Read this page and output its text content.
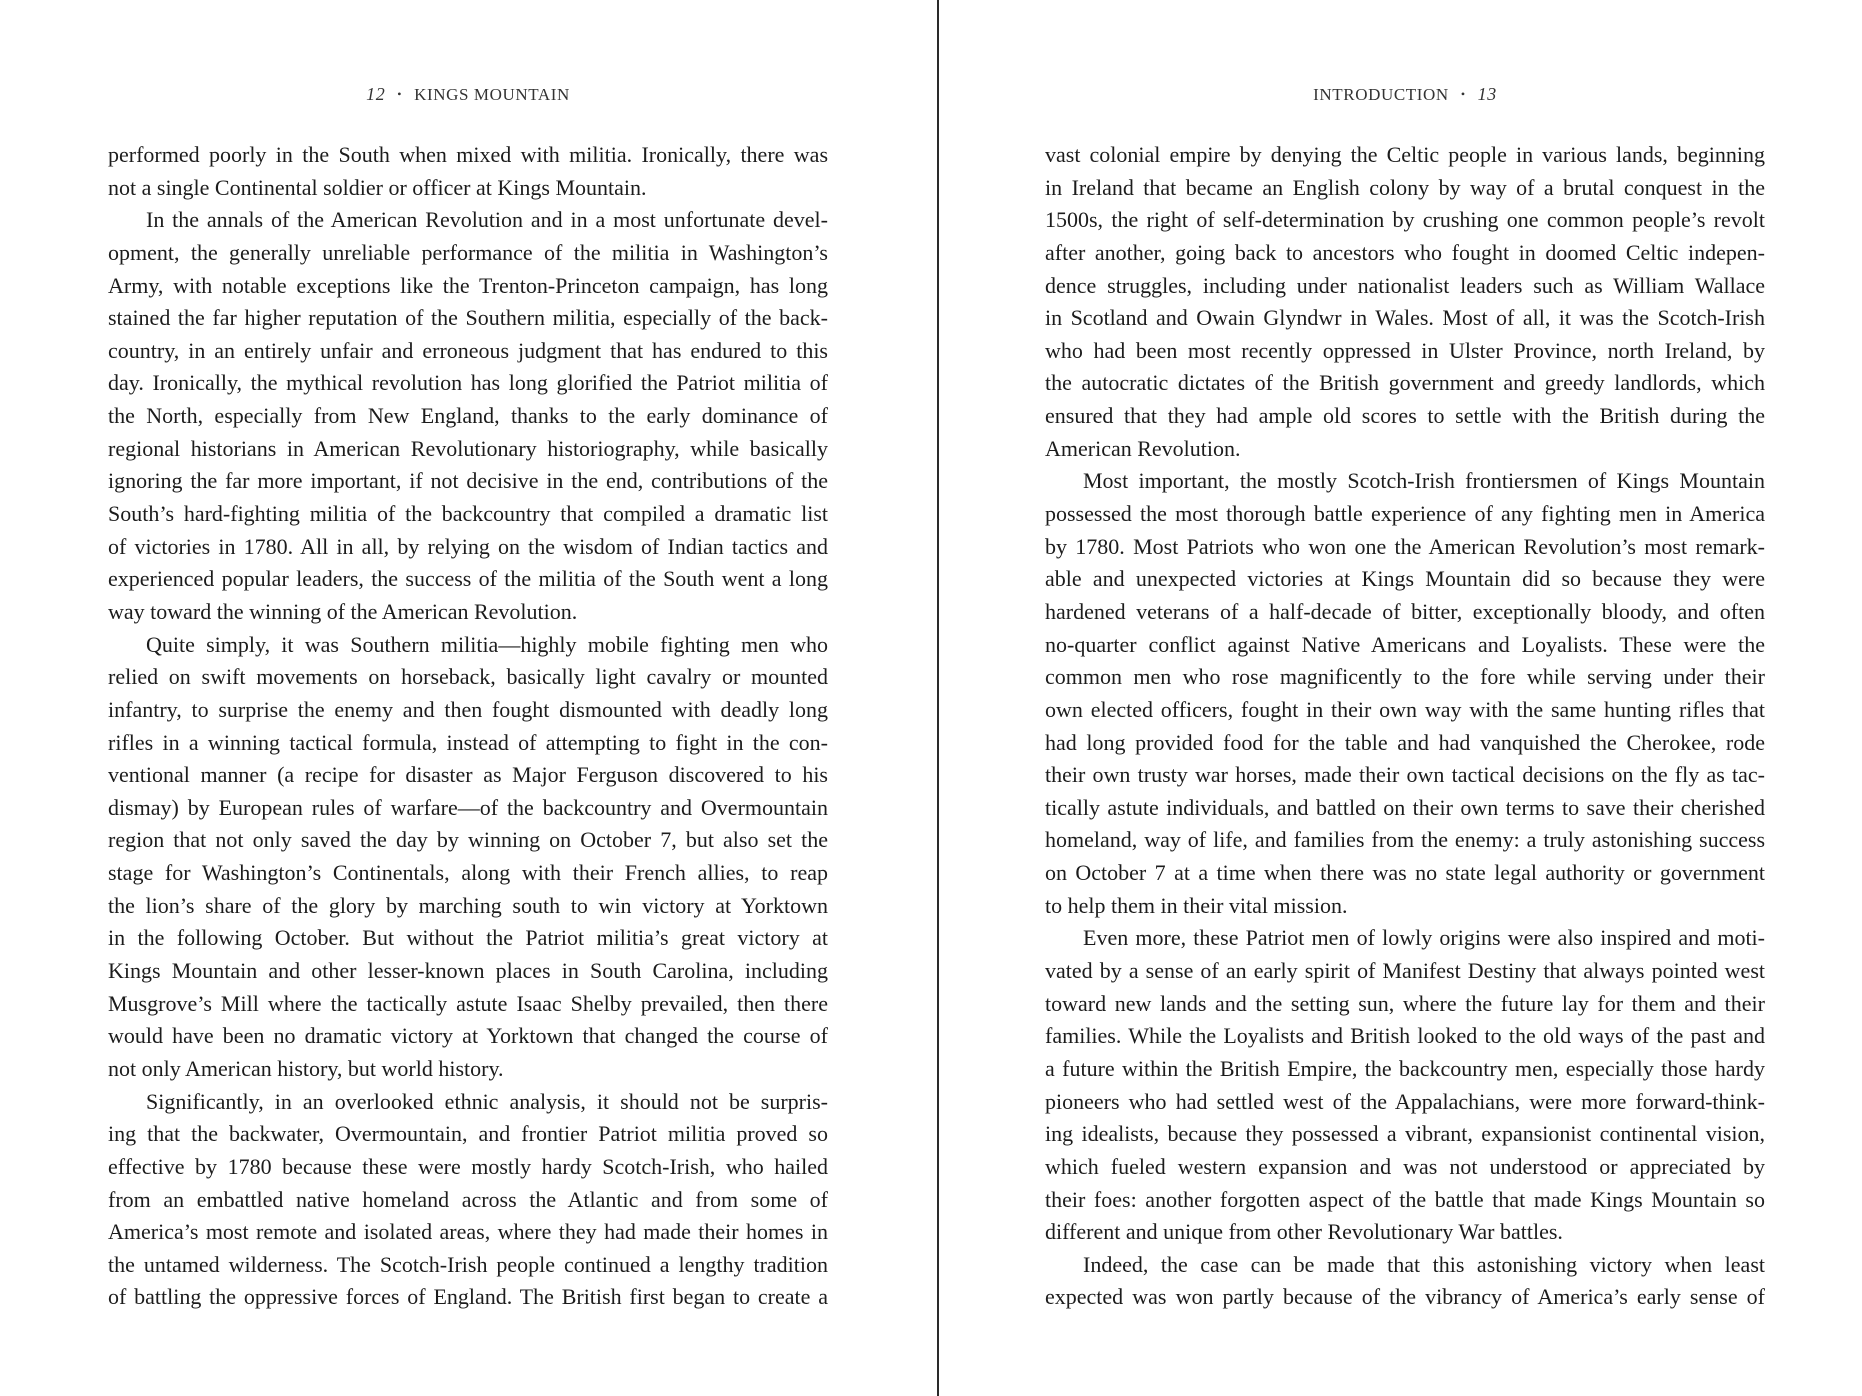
12 • KINGS MOUNTAIN
performed poorly in the South when mixed with militia. Ironically, there was
not a single Continental soldier or officer at Kings Mountain.
In the annals of the American Revolution and in a most unfortunate devel-
opment, the generally unreliable performance of the militia in Washington’s
Army, with notable exceptions like the Trenton-Princeton campaign, has long
stained the far higher reputation of the Southern militia, especially of the back-
country, in an entirely unfair and erroneous judgment that has endured to this
day. Ironically, the mythical revolution has long glorified the Patriot militia of
the North, especially from New England, thanks to the early dominance of
regional historians in American Revolutionary historiography, while basically
ignoring the far more important, if not decisive in the end, contributions of the
South’s hard-fighting militia of the backcountry that compiled a dramatic list
of victories in 1780. All in all, by relying on the wisdom of Indian tactics and
experienced popular leaders, the success of the militia of the South went a long
way toward the winning of the American Revolution.
Quite simply, it was Southern militia—highly mobile fighting men who
relied on swift movements on horseback, basically light cavalry or mounted
infantry, to surprise the enemy and then fought dismounted with deadly long
rifles in a winning tactical formula, instead of attempting to fight in the con-
ventional manner (a recipe for disaster as Major Ferguson discovered to his
dismay) by European rules of warfare—of the backcountry and Overmountain
region that not only saved the day by winning on October 7, but also set the
stage for Washington’s Continentals, along with their French allies, to reap
the lion’s share of the glory by marching south to win victory at Yorktown
in the following October. But without the Patriot militia’s great victory at
Kings Mountain and other lesser-known places in South Carolina, including
Musgrove’s Mill where the tactically astute Isaac Shelby prevailed, then there
would have been no dramatic victory at Yorktown that changed the course of
not only American history, but world history.
Significantly, in an overlooked ethnic analysis, it should not be surpris-
ing that the backwater, Overmountain, and frontier Patriot militia proved so
effective by 1780 because these were mostly hardy Scotch-Irish, who hailed
from an embattled native homeland across the Atlantic and from some of
America’s most remote and isolated areas, where they had made their homes in
the untamed wilderness. The Scotch-Irish people continued a lengthy tradition
of battling the oppressive forces of England. The British first began to create a
INTRODUCTION • 13
vast colonial empire by denying the Celtic people in various lands, beginning
in Ireland that became an English colony by way of a brutal conquest in the
1500s, the right of self-determination by crushing one common people’s revolt
after another, going back to ancestors who fought in doomed Celtic indepen-
dence struggles, including under nationalist leaders such as William Wallace
in Scotland and Owain Glyndwr in Wales. Most of all, it was the Scotch-Irish
who had been most recently oppressed in Ulster Province, north Ireland, by
the autocratic dictates of the British government and greedy landlords, which
ensured that they had ample old scores to settle with the British during the
American Revolution.
Most important, the mostly Scotch-Irish frontiersmen of Kings Mountain
possessed the most thorough battle experience of any fighting men in America
by 1780. Most Patriots who won one the American Revolution’s most remark-
able and unexpected victories at Kings Mountain did so because they were
hardened veterans of a half-decade of bitter, exceptionally bloody, and often
no-quarter conflict against Native Americans and Loyalists. These were the
common men who rose magnificently to the fore while serving under their
own elected officers, fought in their own way with the same hunting rifles that
had long provided food for the table and had vanquished the Cherokee, rode
their own trusty war horses, made their own tactical decisions on the fly as tac-
tically astute individuals, and battled on their own terms to save their cherished
homeland, way of life, and families from the enemy: a truly astonishing success
on October 7 at a time when there was no state legal authority or government
to help them in their vital mission.
Even more, these Patriot men of lowly origins were also inspired and moti-
vated by a sense of an early spirit of Manifest Destiny that always pointed west
toward new lands and the setting sun, where the future lay for them and their
families. While the Loyalists and British looked to the old ways of the past and
a future within the British Empire, the backcountry men, especially those hardy
pioneers who had settled west of the Appalachians, were more forward-think-
ing idealists, because they possessed a vibrant, expansionist continental vision,
which fueled western expansion and was not understood or appreciated by
their foes: another forgotten aspect of the battle that made Kings Mountain so
different and unique from other Revolutionary War battles.
Indeed, the case can be made that this astonishing victory when least
expected was won partly because of the vibrancy of America’s early sense of
